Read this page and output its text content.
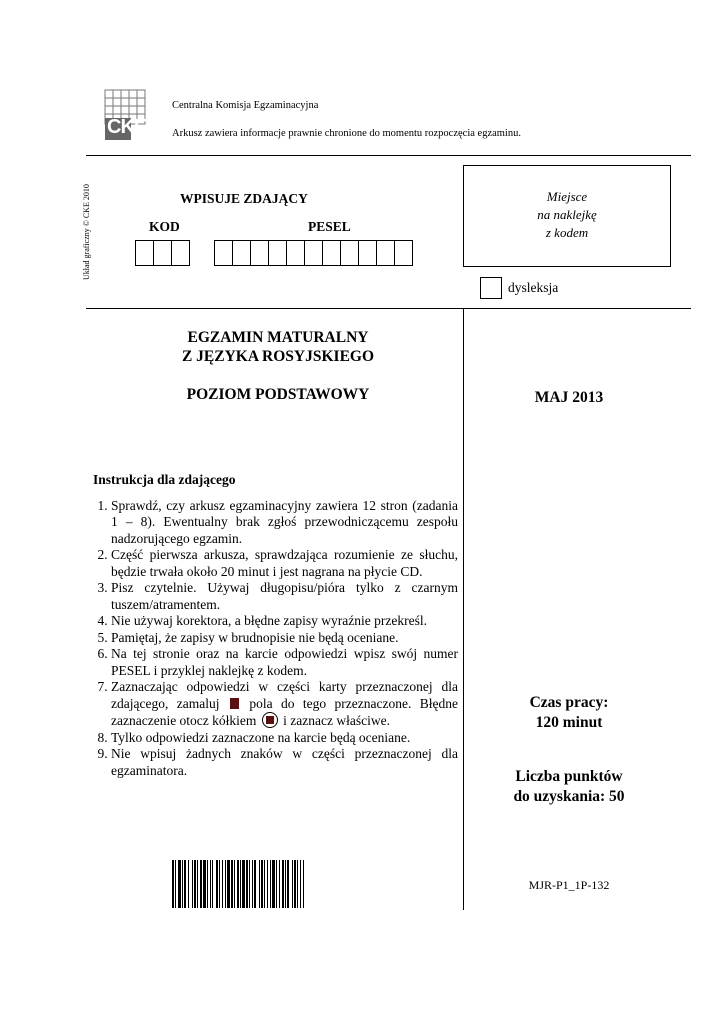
CKE
Centralna Komisja Egzaminacyjna
Arkusz zawiera informacje prawnie chronione do momentu rozpoczęcia egzaminu.
Układ graficzny © CKE 2010	WPISUJE ZDAJĄCY
KOD	PESEL
Miejsce
na naklejkę
z kodem
dysleksja
EGZAMIN MATURALNY
Z JĘZYKA ROSYJSKIEGO
POZIOM PODSTAWOWY	MAJ 2013
Instrukcja dla zdającego
1. Sprawdź, czy arkusz egzaminacyjny zawiera 12 stron (zadania 1 – 8). Ewentualny brak zgłoś przewodniczącemu zespołu nadzorującego egzamin.
2. Część pierwsza arkusza, sprawdzająca rozumienie ze słuchu, będzie trwała około 20 minut i jest nagrana na płycie CD.
3. Pisz czytelnie. Używaj długopisu/pióra tylko z czarnym tuszem/atramentem.
4. Nie używaj korektora, a błędne zapisy wyraźnie przekreśl.
5. Pamiętaj, że zapisy w brudnopisie nie będą oceniane.
6. Na tej stronie oraz na karcie odpowiedzi wpisz swój numer PESEL i przyklej naklejkę z kodem.
7. Zaznaczając odpowiedzi w części karty przeznaczonej dla zdającego, zamaluj pola do tego przeznaczone. Błędne zaznaczenie otocz kółkiem i zaznacz właściwe.
8. Tylko odpowiedzi zaznaczone na karcie będą oceniane.
9. Nie wpisuj żadnych znaków w części przeznaczonej dla egzaminatora.
Czas pracy:
120 minut
Liczba punktów
do uzyskania: 50
MJR-P1_1P-132
